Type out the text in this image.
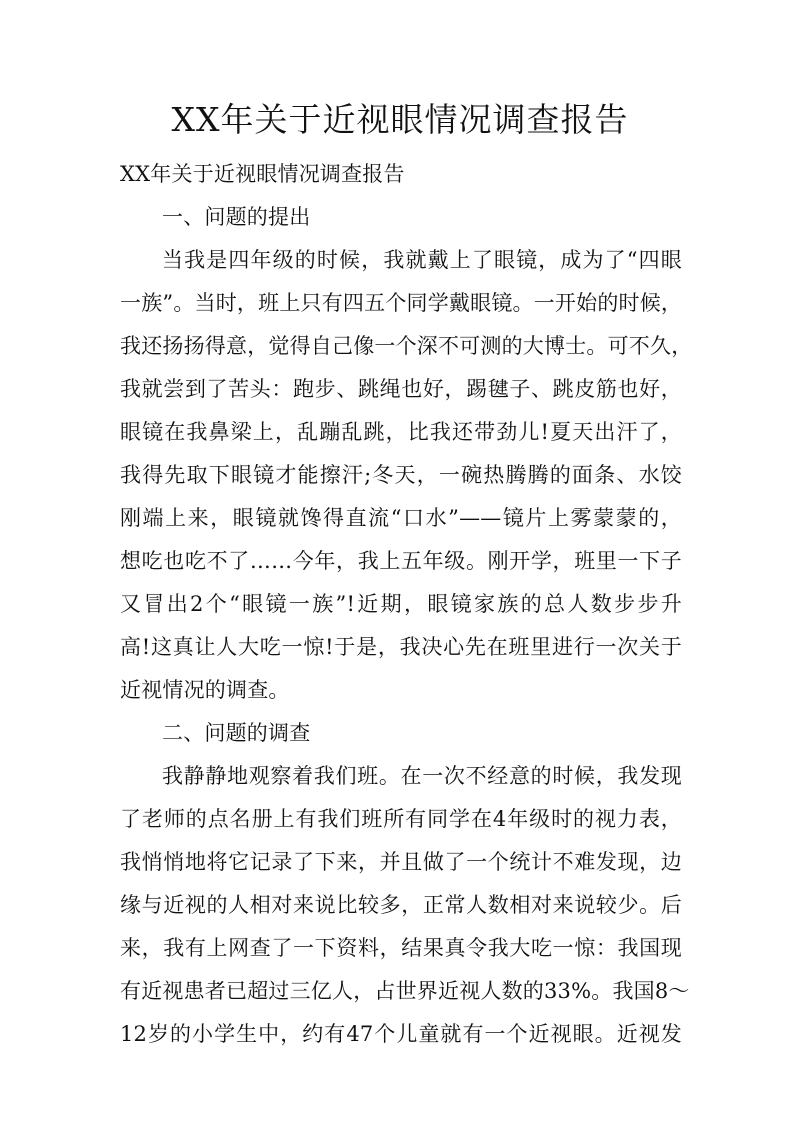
XX年关于近视眼情况调查报告
XX年关于近视眼情况调查报告
一、问题的提出
当我是四年级的时候，我就戴上了眼镜，成为了“四眼
一族”。当时，班上只有四五个同学戴眼镜。一开始的时候，
我还扬扬得意，觉得自己像一个深不可测的大博士。可不久，
我就尝到了苦头：跑步、跳绳也好，踢毽子、跳皮筋也好，
眼镜在我鼻梁上，乱蹦乱跳，比我还带劲儿!夏天出汗了，
我得先取下眼镜才能擦汗;冬天，一碗热腾腾的面条、水饺
刚端上来，眼镜就馋得直流“口水”——镜片上雾蒙蒙的，
想吃也吃不了……今年，我上五年级。刚开学，班里一下子
又冒出2个“眼镜一族”!近期，眼镜家族的总人数步步升
高!这真让人大吃一惊!于是，我决心先在班里进行一次关于
近视情况的调查。
二、问题的调查
我静静地观察着我们班。在一次不经意的时候，我发现
了老师的点名册上有我们班所有同学在4年级时的视力表，
我悄悄地将它记录了下来，并且做了一个统计不难发现，边
缘与近视的人相对来说比较多，正常人数相对来说较少。后
来，我有上网查了一下资料，结果真令我大吃一惊：我国现
有近视患者已超过三亿人，占世界近视人数的33%。我国8～
12岁的小学生中，约有47个儿童就有一个近视眼。近视发
